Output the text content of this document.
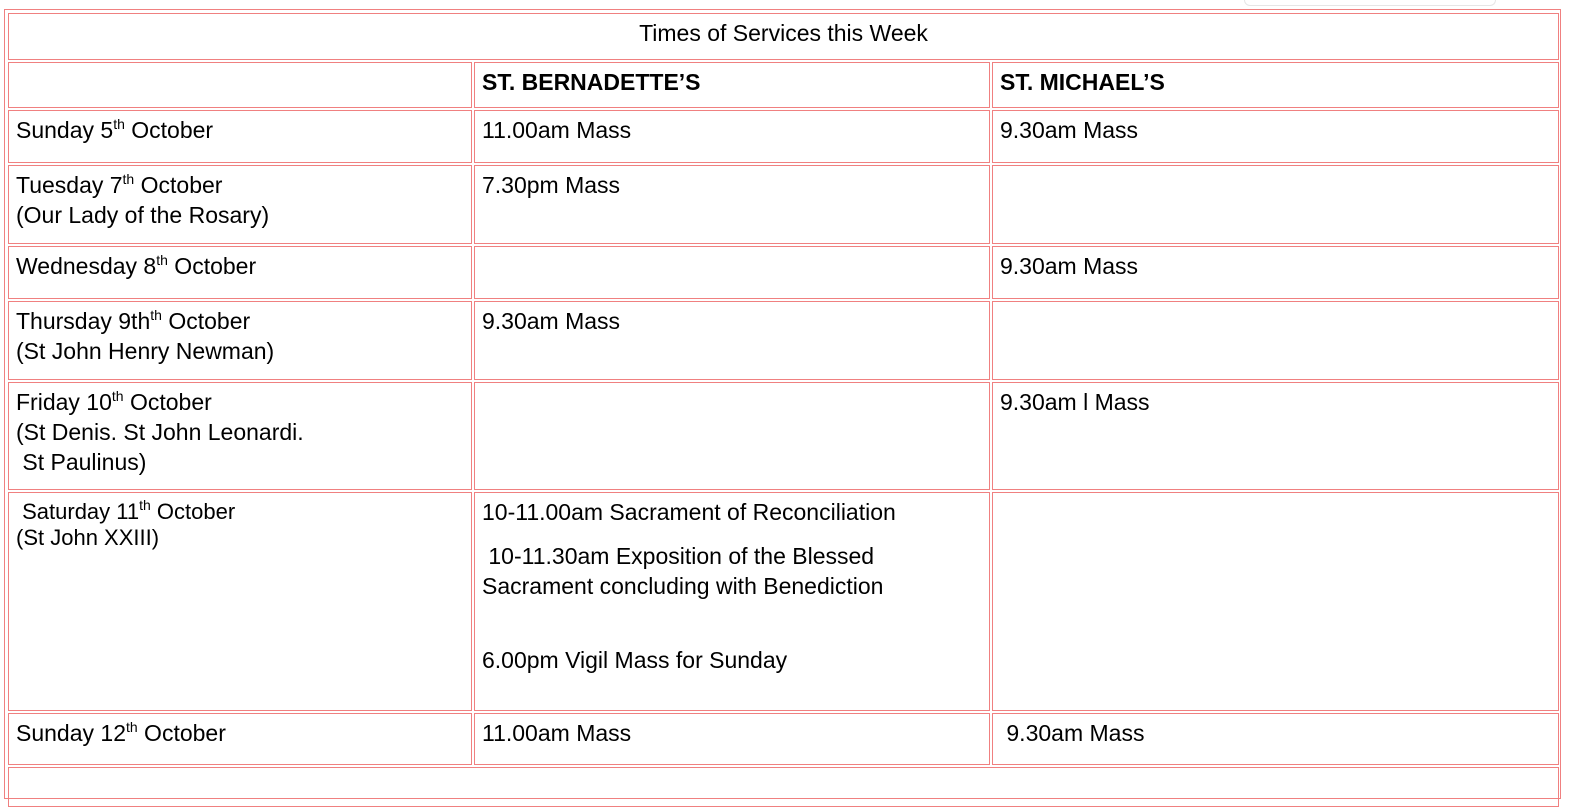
Times of Services this Week		
	ST. BERNADETTE’S	ST. MICHAEL’S

Sunday 5th October	11.00am Mass	9.30am Mass

Tuesday 7th October
(Our Lady of the Rosary)	7.30pm Mass	

Wednesday 8th October		9.30am Mass

Thursday $9th^{th}$ October
(St John Henry Newman)	9.30am Mass	

Friday 10th October
(St Denis. St John Leonardi.
St Paulinus)		9.30am l Mass

Saturday 11th October
(St John XXIII)	10-11.00am Sacrament of Reconciliation
10-11.30am Exposition of the Blessed
Sacrament concluding with Benediction
6.00pm Vigil Mass for Sunday	

Sunday 12th October	11.00am Mass	9.30am Mass
